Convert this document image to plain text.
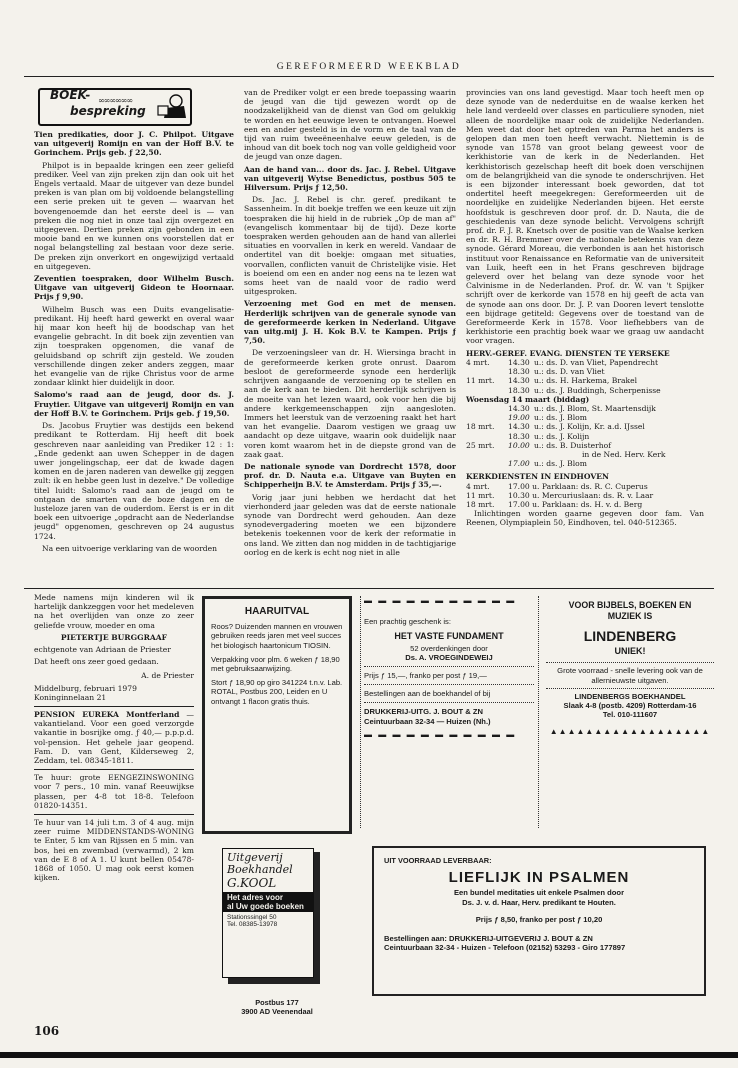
GEREFORMEERD WEEKBLAD
BOEK- ∞∞∞∞∞∞
bespreking

Tien predikaties, door J. C. Philpot. Uitgave van uitgeverij Romijn en van der Hoff B.V. te Gorinchem. Prijs geb. ƒ 22,50.

Philpot is in bepaalde kringen een zeer geliefd prediker. Veel van zijn preken zijn dan ook uit het Engels vertaald. Maar de uitgever van deze bundel preken is van plan om bij voldoende belangstelling een serie preken uit te geven — waarvan het bovengenoemde dan het eerste deel is — van preken die nog niet in onze taal zijn overgezet en uitgegeven. Dertien preken zijn gebonden in een mooie band en we kunnen ons voorstellen dat er nogal belangstelling zal bestaan voor deze serie. De preken zijn onverkort en ongewijzigd vertaald en uitgegeven.

Zeventien toespraken, door Wilhelm Busch. Uitgave van uitgeverij Gideon te Hoornaar. Prijs ƒ 9,90.

Wilhelm Busch was een Duits evangelisatie-predikant. Hij heeft hard gewerkt en overal waar hij maar kon heeft hij de boodschap van het evangelie gebracht. In dit boek zijn zeventien van zijn toespraken opgenomen, die vanaf de geluidsband op schrift zijn gesteld. We zouden verschillende dingen zeker anders zeggen, maar het evangelie van de rijke Christus voor de arme zondaar klinkt hier duidelijk in door.

Salomo's raad aan de jeugd, door ds. J. Fruytier. Uitgave van uitgeverij Romijn en van der Hoff B.V. te Gorinchem. Prijs geb. ƒ 19,50.

Ds. Jacobus Fruytier was destijds een bekend predikant te Rotterdam. Hij heeft dit boek geschreven naar aanleiding van Prediker 12 : 1: „Ende gedenkt aan uwen Schepper in de dagen uwer jongelingschap, eer dat de kwade dagen komen en de jaren naderen van dewelke gij zeggen zult: ik en hebbe geen lust in dezelve." De volledige titel luidt: Salomo's raad aan de jeugd om te ontgaan de smarten van de boze dagen en de lusteloze jaren van de ouderdom. Eerst is er in dit boek een uitvoerige „opdracht aan de Nederlandse jeugd" opgenomen, geschreven op 24 augustus 1724.

Na een uitvoerige verklaring van de woorden

van de Prediker volgt er een brede toepassing waarin de jeugd van die tijd gewezen wordt op de noodzakelijkheid van de dienst van God om gelukkig te worden en het eeuwige leven te ontvangen. Hoewel een en ander gesteld is in de vorm en de taal van de tijd van ruim tweeëneenhalve eeuw geleden, is de inhoud van dit boek toch nog van volle geldigheid voor de jeugd van onze dagen.

Aan de hand van... door ds. Jac. J. Rebel. Uitgave van uitgeverij Wytse Benedictus, postbus 505 te Hilversum. Prijs ƒ 12,50.

Ds. Jac. J. Rebel is chr. geref. predikant te Sassenheim. In dit boekje treffen we een keuze uit zijn toespraken die hij hield in de rubriek „Op de man af" (evangelisch kommentaar bij de tijd). Deze korte toespraken werden gehouden aan de hand van allerlei situaties en voorvallen in kerk en wereld. Vandaar de ondertitel van dit boekje: omgaan met situaties, voorvallen, conflicten vanuit de Christelijke visie. Het is boeiend om een en ander nog eens na te lezen wat soms heet van de naald voor de radio werd uitgesproken.

Verzoening met God en met de mensen. Herderlijk schrijven van de generale synode van de gereformeerde kerken in Nederland. Uitgave van uitg.mij J. H. Kok B.V. te Kampen. Prijs ƒ 7,50.

De verzoeningsleer van dr. H. Wiersinga bracht in de gereformeerde kerken grote onrust. Daarom besloot de gereformeerde synode een herderlijk schrijven aangaande de verzoening op te stellen en aan de kerk aan te bieden. Dit herderlijk schrijven is de moeite van het lezen waard, ook voor hen die bij andere kerkgemeenschappen zijn aangesloten. Immers het leerstuk van de verzoening raakt het hart van het evangelie. Daarom vestigen we graag uw aandacht op deze uitgave, waarin ook duidelijk naar voren komt waarom het in de diepste grond van de zaak gaat.

De nationale synode van Dordrecht 1578, door prof. dr. D. Nauta e.a. Uitgave van Buyten en Schipperheijn B.V. te Amsterdam. Prijs ƒ 35,—.

Vorig jaar juni hebben we herdacht dat het vierhonderd jaar geleden was dat de eerste nationale synode van Dordrecht werd gehouden. Aan deze synodevergadering moeten we een bijzondere betekenis toekennen voor de kerk der reformatie in ons land. We zitten dan nog midden in de tachtigjarige oorlog en de kerk is echt nog niet in alle

provincies van ons land gevestigd. Maar toch heeft men op deze synode van de nederduitse en de waalse kerken het hele land verdeeld over classes en particuliere synoden, niet alleen de noordelijke maar ook de zuidelijke Nederlanden. Men weet dat door het optreden van Parma het anders is gelopen dan men toen heeft verwacht. Niettemin is de synode van 1578 van groot belang geweest voor de kerkhistorie van de kerk in de Nederlanden. Het kerkhistorisch gezelschap heeft dit boek doen verschijnen om de belangrijkheid van die synode te onderschrijven. Het is een bijzonder interessant boek geworden, dat tot ondertitel heeft meegekregen: Gereformeerden uit de noordelijke en zuidelijke Nederlanden bijeen. Het eerste hoofdstuk is geschreven door prof. dr. D. Nauta, die de geschiedenis van deze synode belicht. Vervolgens schrijft prof. dr. F. J. R. Knetsch over de positie van de Waalse kerken en dr. R. H. Bremmer over de nationale betekenis van deze synode. Gérard Moreau, die verbonden is aan het historisch instituut voor Renaissance en Reformatie van de universiteit van Luik, heeft een in het Frans geschreven bijdrage geleverd over het belang van deze synode voor het Calvinisme in de Nederlanden. Prof. dr. W. van 't Spijker schrijft over de kerkorde van 1578 en hij geeft de acta van de synode aan ons door. Dr. J. P. van Dooren levert tenslotte een bijdrage getiteld: Gegevens over de toestand van de Gereformeerde Kerk in 1578. Voor liefhebbers van de kerkhistorie een prachtig boek waar we graag uw aandacht voor vragen.

HERV.-GEREF. EVANG. DIENSTEN TE YERSEKE
4 mrt.	14.30	u.: ds. D. van Vliet, Papendrecht
	18.30	u.: ds. D. van Vliet
11 mrt.	14.30	u.: ds. H. Harkema, Brakel
	18.30	u.: ds. J. Buddingh, Scherpenisse
Woensdag 14 maart (biddag)		
	14.30	u.: ds. J. Blom, St. Maartensdijk
	19.00	u.: ds. J. Blom
18 mrt.	14.30	u.: ds. J. Kolijn, Kr. a.d. IJssel
	18.30	u.: ds. J. Kolijn
25 mrt.	10.00	u.: ds. B. Duisterhof
		in de Ned. Herv. Kerk
	17.00	u.: ds. J. Blom
KERKDIENSTEN IN EINDHOVEN
4 mrt.	17.00 u. Parklaan: ds. R. C. Cuperus
11 mrt.	10.30 u. Mercuriuslaan: ds. R. v. Laar
18 mrt.	17.00 u. Parklaan: ds. H. v. d. Berg

Inlichtingen worden gaarne gegeven door fam. Van Reenen, Olympiaplein 50, Eindhoven, tel. 040-512365.

Mede namens mijn kinderen wil ik hartelijk dankzeggen voor het medeleven na het overlijden van onze zo zeer geliefde vrouw, moeder en oma

PIETERTJE BURGGRAAF

echtgenote van Adriaan de Priester

Dat heeft ons zeer goed gedaan.

A. de Priester

Middelburg, februari 1979

Koninginnelaan 21

PENSION EUREKA Montferland — vakantieland. Voor een goed verzorgde vakantie in bosrijke omg. ƒ 40,— p.p.p.d. vol-pension. Het gehele jaar geopend. Fam. D. van Gent, Kilderseweg 2, Zeddam, tel. 08345-1811.

Te huur: grote EENGEZINSWONING voor 7 pers., 10 min. vanaf Reeuwijkse plassen, per 4-8 tot 18-8. Telefoon 01820-14351.

Te huur van 14 juli t.m. 3 of 4 aug. mijn zeer ruime MIDDENSTANDS-WONING te Enter, 5 km van Rijssen en 5 min. van bos, hei en zwembad (verwarmd), 2 km van de E 8 of A 1. U kunt bellen 05478-1868 of 1050. U mag ook eerst komen kijken.

106
HAARUITVAL

Roos? Duizenden mannen en vrouwen gebruiken reeds jaren met veel succes het biologisch haartonicum TIOSIN.

Verpakking voor plm. 6 weken ƒ 18,90 met gebruiksaanwijzing.

Stort ƒ 18,90 op giro 341224 t.n.v. Lab. ROTAL, Postbus 200, Leiden en U ontvangt 1 flacon gratis thuis.

Uitgeverij
Boekhandel
G.KOOL
Het adres voor
al Uw goede boeken
Stationssingel 50
Tel. 08385-13978
Postbus 177
3900 AD Veenendaal
▬ ▬ ▬ ▬ ▬ ▬ ▬ ▬ ▬ ▬ ▬

Een prachtig geschenk is:

HET VASTE FUNDAMENT
52 overdenkingen door
Ds. A. VROEGINDEWEIJ

Prijs ƒ 15,—, franko per post ƒ 19,—

Bestellingen aan de boekhandel of bij

DRUKKERIJ-UITG. J. BOUT & ZN

Ceintuurbaan 32-34 — Huizen (Nh.)

▬ ▬ ▬ ▬ ▬ ▬ ▬ ▬ ▬ ▬ ▬
VOOR BIJBELS, BOEKEN EN
MUZIEK IS
LINDENBERG
UNIEK!

Grote voorraad - snelle levering ook van de allernieuwste uitgaven.

LINDENBERGS BOEKHANDEL
Slaak 4-8 (postb. 4209) Rotterdam-16
Tel. 010-111607
▲▲▲▲▲▲▲▲▲▲▲▲▲▲▲▲▲▲
UIT VOORRAAD LEVERBAAR:
LIEFLIJK IN PSALMEN
Een bundel meditaties uit enkele Psalmen door
Ds. J. v. d. Haar, Herv. predikant te Houten.
Prijs ƒ 8,50, franko per post ƒ 10,20
Bestellingen aan: DRUKKERIJ-UITGEVERIJ J. BOUT & ZN
Ceintuurbaan 32-34 - Huizen - Telefoon (02152) 53293 - Giro 177897
